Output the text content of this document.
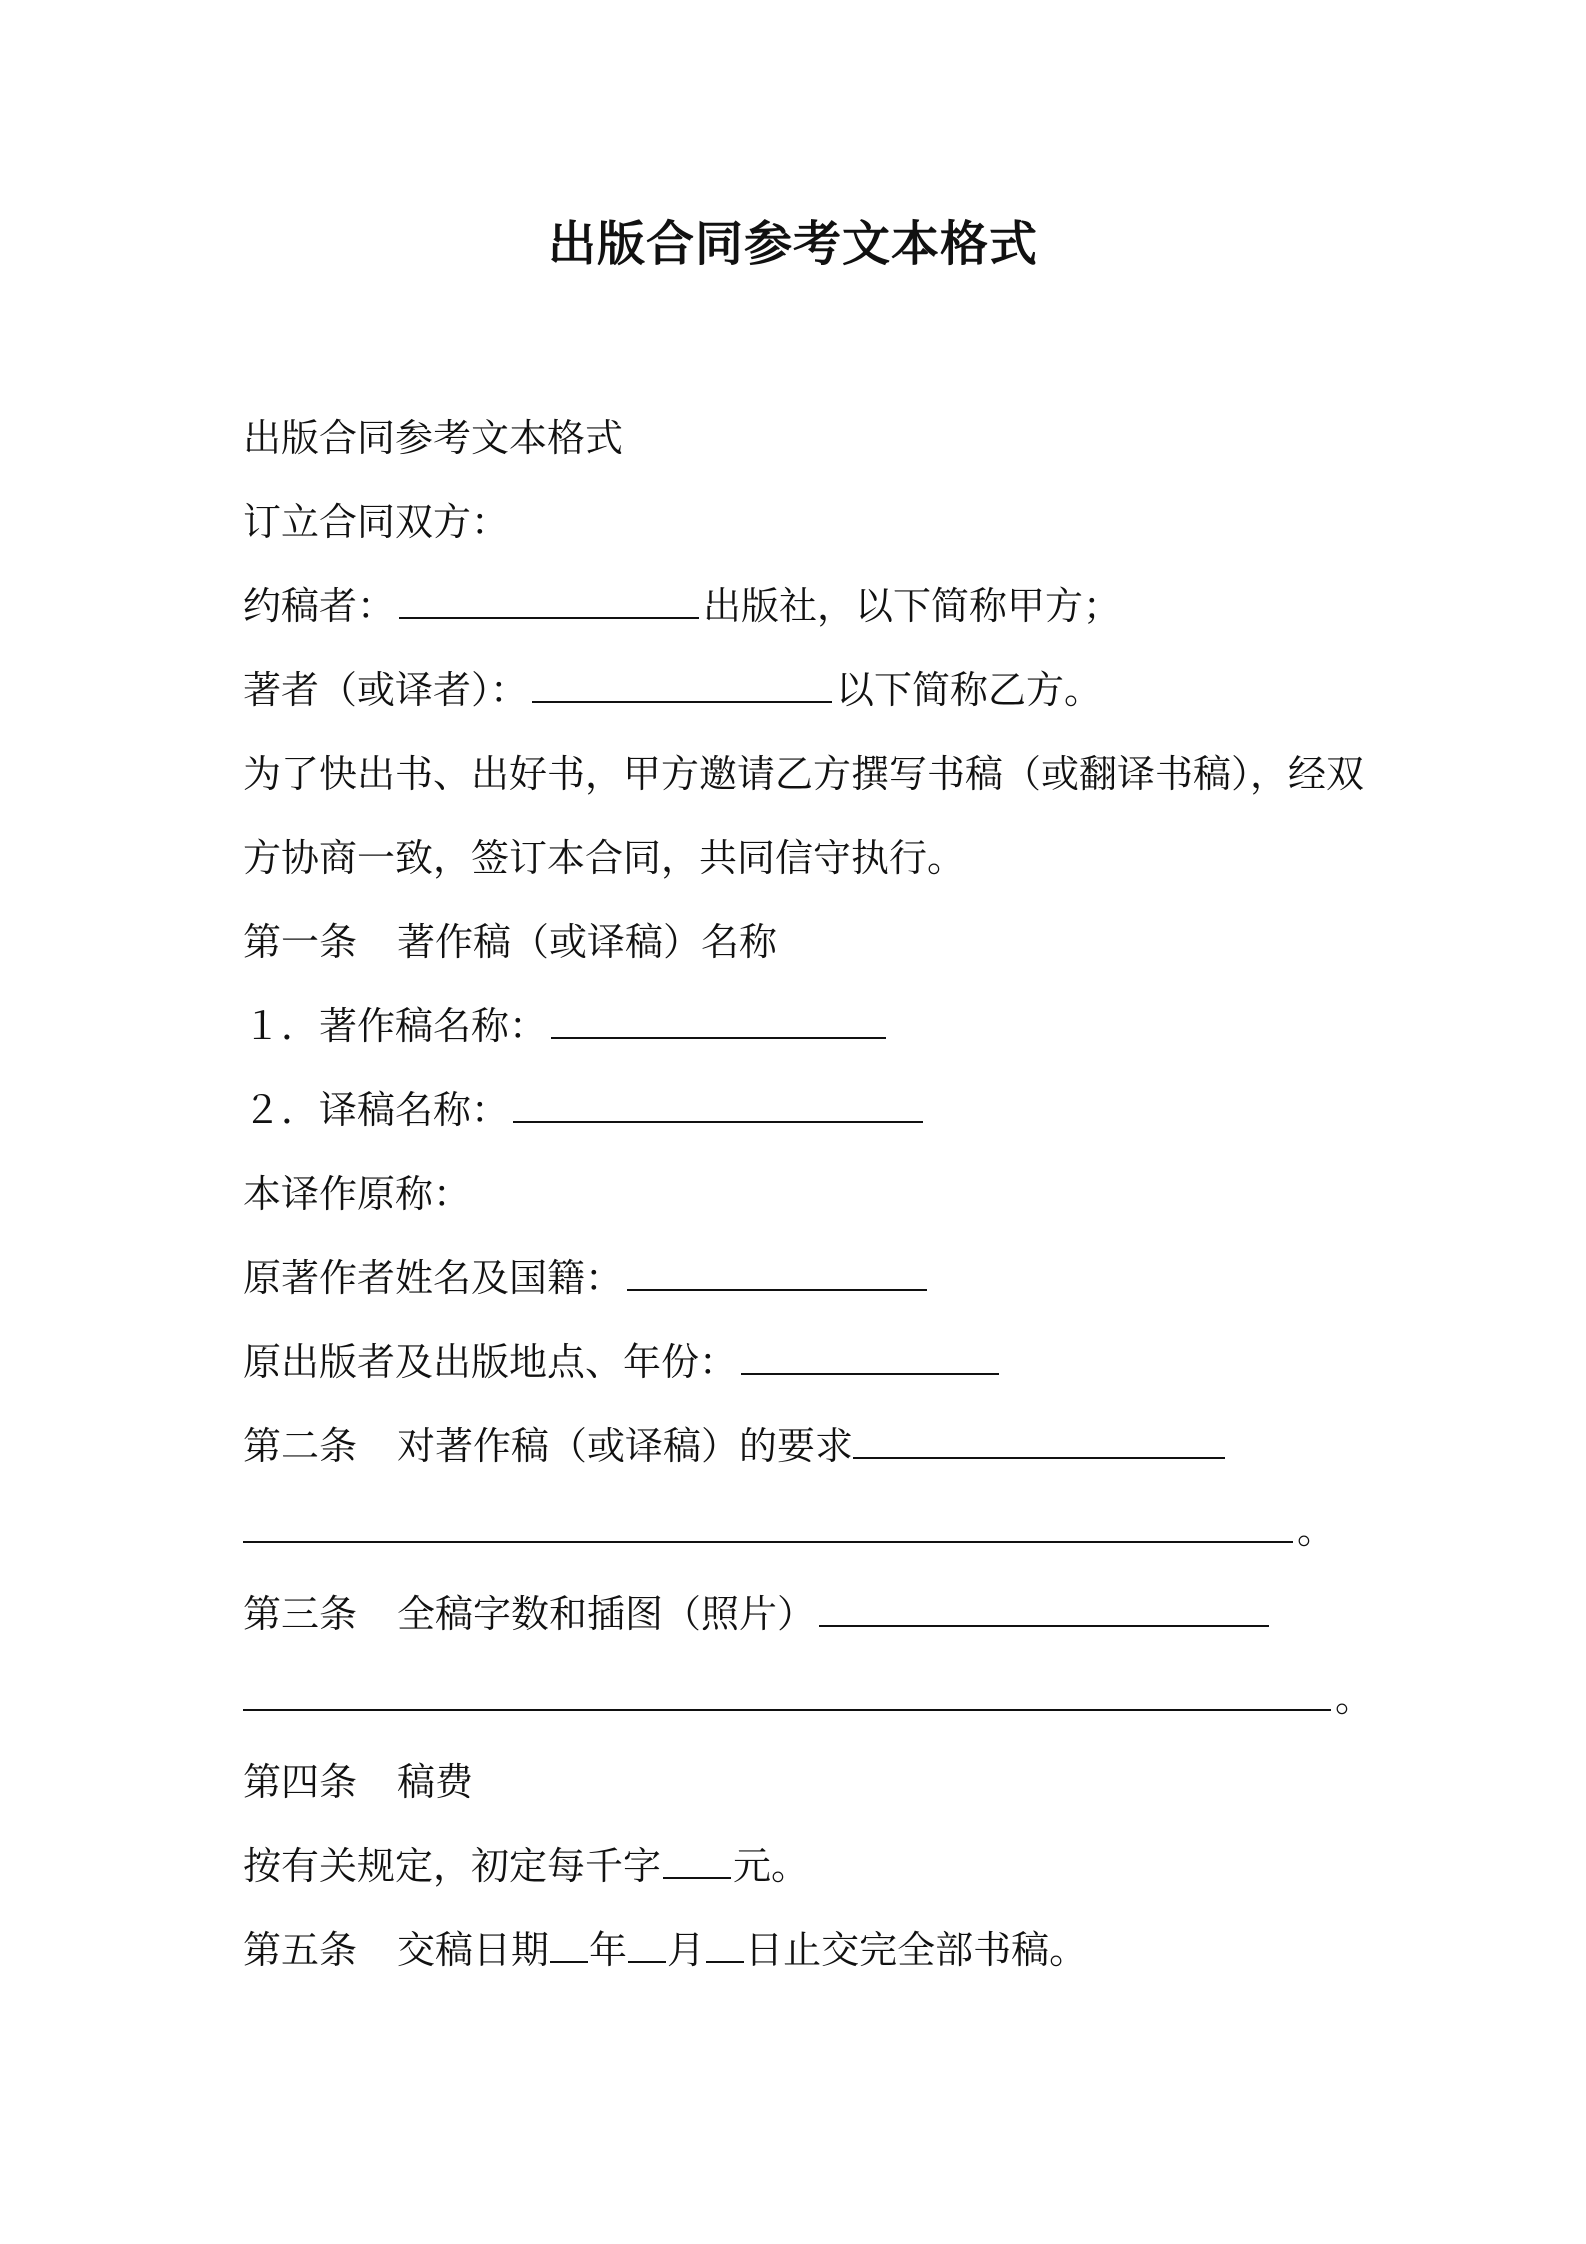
出版合同参考文本格式
出版合同参考文本格式
订立合同双方：
约稿者：	出版社，以下简称甲方；
著者（或译者）：	以下简称乙方。
为了快出书、出好书，甲方邀请乙方撰写书稿（或翻译书稿），经双
方协商一致，签订本合同，共同信守执行。
第一条 著作稿（或译稿）名称
１．著作稿名称：
２．译稿名称：
本译作原称：
原著作者姓名及国籍：
原出版者及出版地点、年份：
第二条 对著作稿（或译稿）的要求
。
第三条 全稿字数和插图（照片）
。
第四条 稿费
按有关规定，初定每千字 元。
第五条 交稿日期 年 月 日止交完全部书稿。
